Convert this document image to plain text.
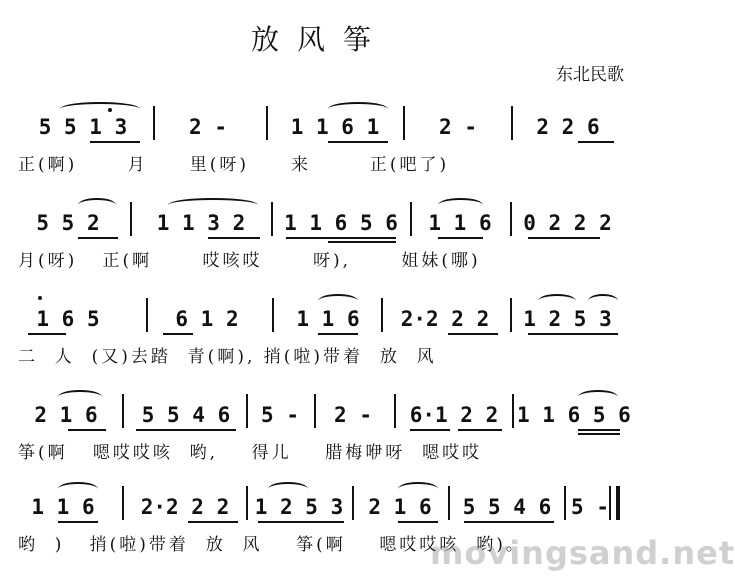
放风筝
东北民歌
5 5 1 3	2 -	1 1 6 1	2 -	2 2 6
正(啊)      月     里(呀)     来       正(吧了)
5 5 2	1 1 3 2 1 1 6 5 6 1 1 6 0 2 2 2
月(呀)   正(啊      哎咳哎      呀),      姐妹(哪)
1 6 5	6 1 2	1 1 6 2·2 2 2 1 2 5 3
二  人  (又)去踏  青(啊), 捎(啦)带着  放  风
2 1 6 5 5 4 6 5 - 2 - 6·1 2 2 1 1 6 5 6
筝(啊   嗯哎哎咳  哟,    得儿    腊梅咿呀  嗯哎哎
1 1 6 2·2 2 2 1 2 5 3 2 1 6 5 5 4 6 5 -
哟  )   捎(啦)带着  放  风    筝(啊    嗯哎哎咳  哟)。
movingsand.net
